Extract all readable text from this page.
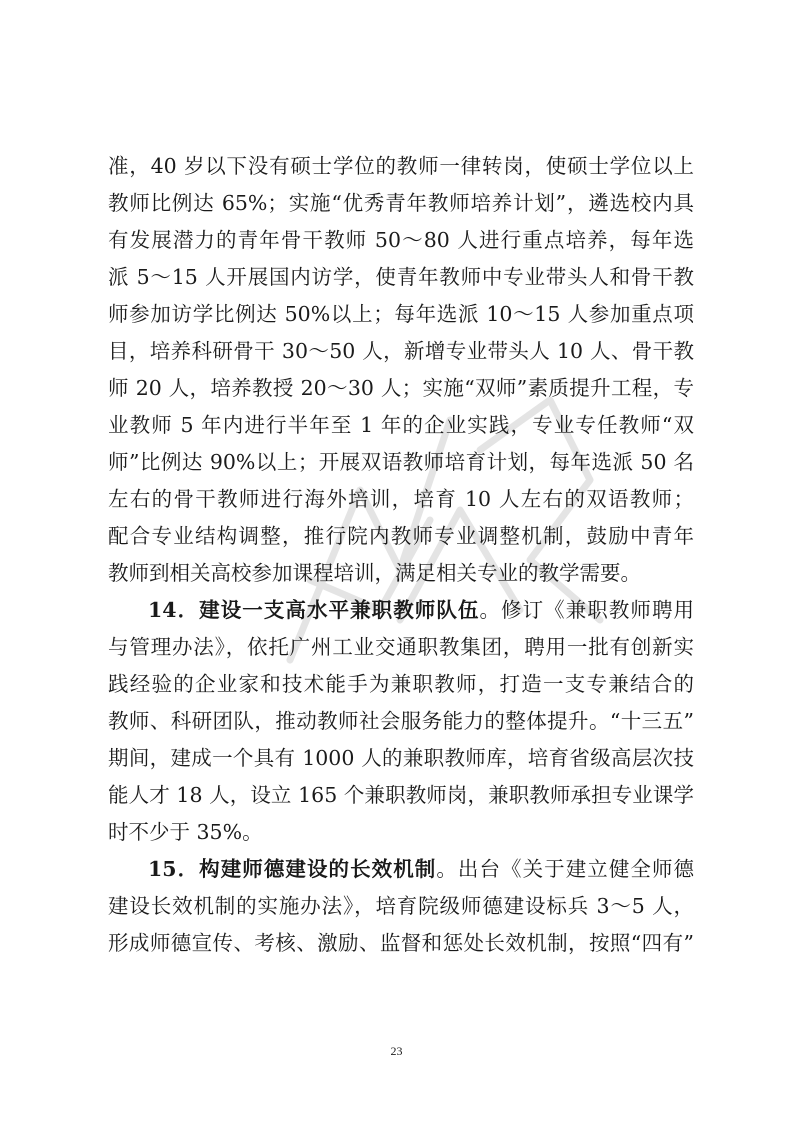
准，40 岁以下没有硕士学位的教师一律转岗，使硕士学位以上
教师比例达 65%；实施“优秀青年教师培养计划”，遴选校内具
有发展潜力的青年骨干教师 50～80 人进行重点培养，每年选
派 5～15 人开展国内访学，使青年教师中专业带头人和骨干教
师参加访学比例达 50%以上；每年选派 10～15 人参加重点项
目，培养科研骨干 30～50 人，新增专业带头人 10 人、骨干教
师 20 人，培养教授 20～30 人；实施“双师”素质提升工程，专
业教师 5 年内进行半年至 1 年的企业实践，专业专任教师“双
师”比例达 90%以上；开展双语教师培育计划，每年选派 50 名
左右的骨干教师进行海外培训，培育 10 人左右的双语教师；
配合专业结构调整，推行院内教师专业调整机制，鼓励中青年
教师到相关高校参加课程培训，满足相关专业的教学需要。
14．建设一支高水平兼职教师队伍。修订《兼职教师聘用
与管理办法》，依托广州工业交通职教集团，聘用一批有创新实
践经验的企业家和技术能手为兼职教师，打造一支专兼结合的
教师、科研团队，推动教师社会服务能力的整体提升。“十三五”
期间，建成一个具有 1000 人的兼职教师库，培育省级高层次技
能人才 18 人，设立 165 个兼职教师岗，兼职教师承担专业课学
时不少于 35%。
15．构建师德建设的长效机制。出台《关于建立健全师德
建设长效机制的实施办法》，培育院级师德建设标兵 3～5 人，
形成师德宣传、考核、激励、监督和惩处长效机制，按照“四有”
23
